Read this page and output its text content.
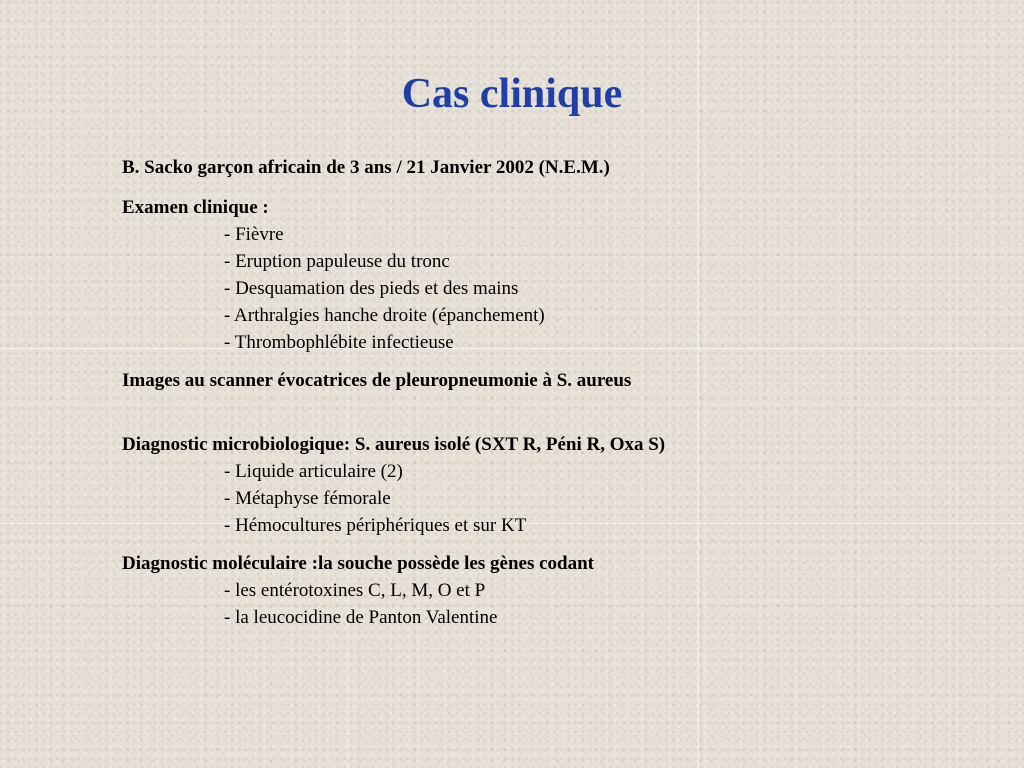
Cas clinique
B. Sacko garçon africain de 3 ans / 21 Janvier 2002 (N.E.M.)
Examen clinique :
- Fièvre
- Eruption papuleuse du tronc
- Desquamation des pieds et des mains
- Arthralgies hanche droite (épanchement)
- Thrombophlébite infectieuse
Images au scanner évocatrices de pleuropneumonie à S. aureus
Diagnostic microbiologique: S. aureus isolé (SXT R, Péni R, Oxa S)
- Liquide articulaire (2)
- Métaphyse fémorale
- Hémocultures périphériques et sur KT
Diagnostic moléculaire :la souche possède les gènes codant
- les entérotoxines C, L, M, O et P
- la leucocidine de Panton Valentine
